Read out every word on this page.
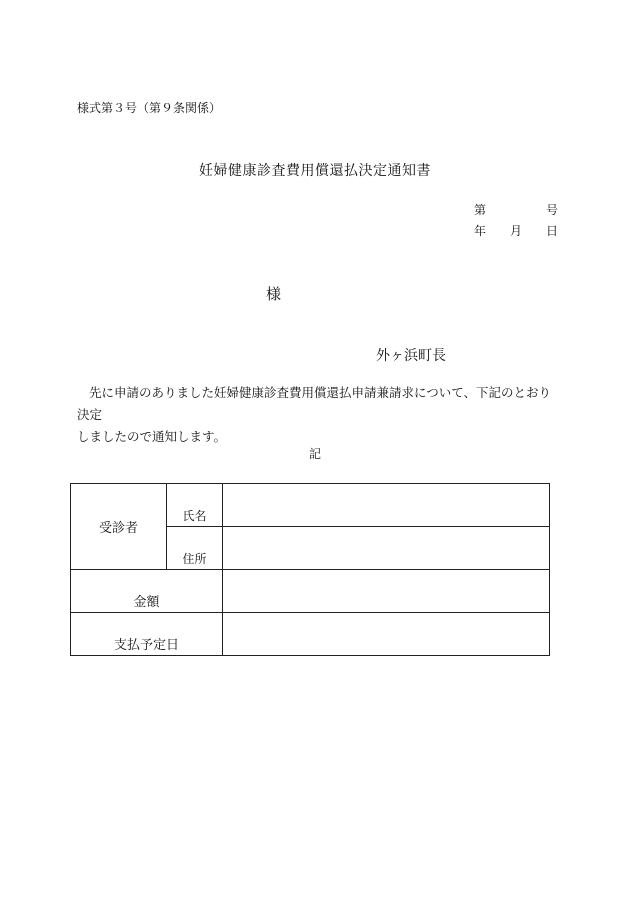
様式第３号（第９条関係）
妊婦健康診査費用償還払決定通知書
第	号
年 月 日
様
外ヶ浜町長

先に申請のありました妊婦健康診査費用償還払申請兼請求について、下記のとおり決定

しましたので通知します。

記
受診者	氏名	
	住所	
金額		
支払予定日		
